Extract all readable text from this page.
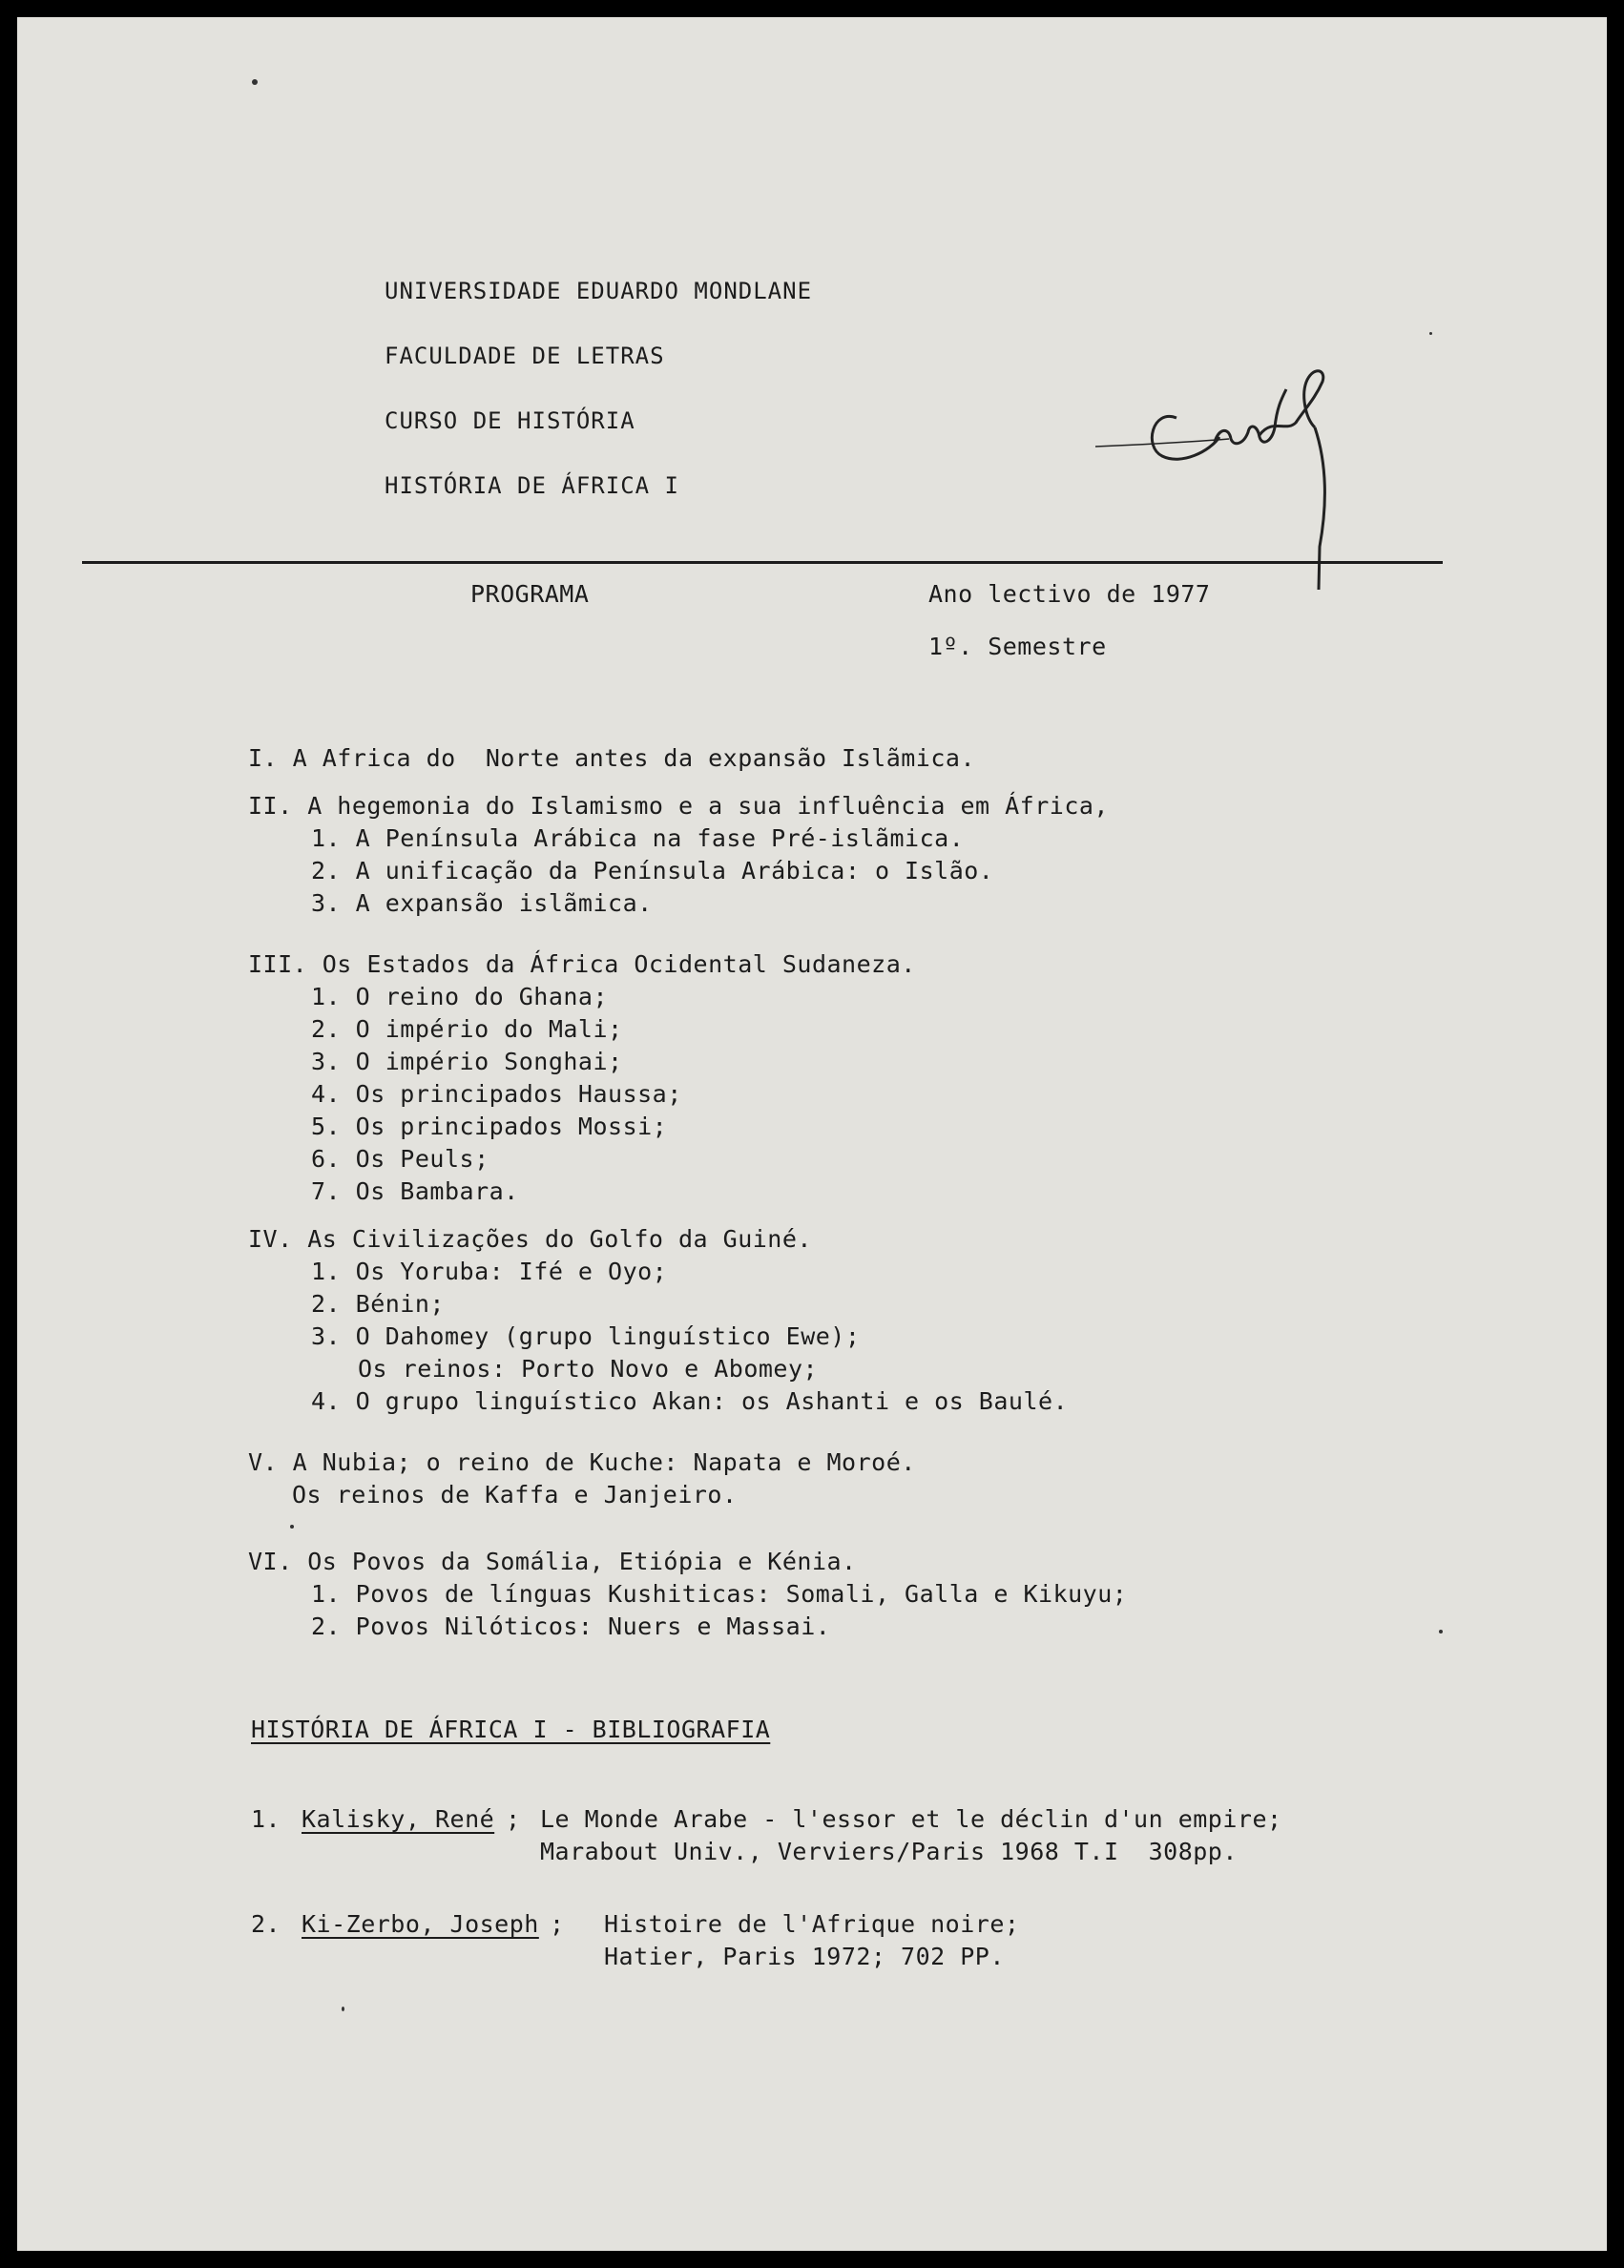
UNIVERSIDADE EDUARDO MONDLANE
FACULDADE DE LETRAS
CURSO DE HISTÓRIA
HISTÓRIA DE ÁFRICA I
PROGRAMA	Ano lectivo de 1977
1º. Semestre
I. A Africa do  Norte antes da expansão Islãmica.
II. A hegemonia do Islamismo e a sua influência em África,
1. A Península Arábica na fase Pré-islãmica.
2. A unificação da Península Arábica: o Islão.
3. A expansão islãmica.
III. Os Estados da África Ocidental Sudaneza.
1. O reino do Ghana;
2. O império do Mali;
3. O império Songhai;
4. Os principados Haussa;
5. Os principados Mossi;
6. Os Peuls;
7. Os Bambara.
IV. As Civilizações do Golfo da Guiné.
1. Os Yoruba: Ifé e Oyo;
2. Bénin;
3. O Dahomey (grupo linguístico Ewe);
Os reinos: Porto Novo e Abomey;
4. O grupo linguístico Akan: os Ashanti e os Baulé.
V. A Nubia; o reino de Kuche: Napata e Moroé.
Os reinos de Kaffa e Janjeiro.
VI. Os Povos da Somália, Etiópia e Kénia.
1. Povos de línguas Kushiticas: Somali, Galla e Kikuyu;
2. Povos Nilóticos: Nuers e Massai.
HISTÓRIA DE ÁFRICA I - BIBLIOGRAFIA
1. Kalisky, René ; Le Monde Arabe - l'essor et le déclin d'un empire;
Marabout Univ., Verviers/Paris 1968 T.I  308pp.
2. Ki-Zerbo, Joseph ; Histoire de l'Afrique noire;
Hatier, Paris 1972; 702 PP.
